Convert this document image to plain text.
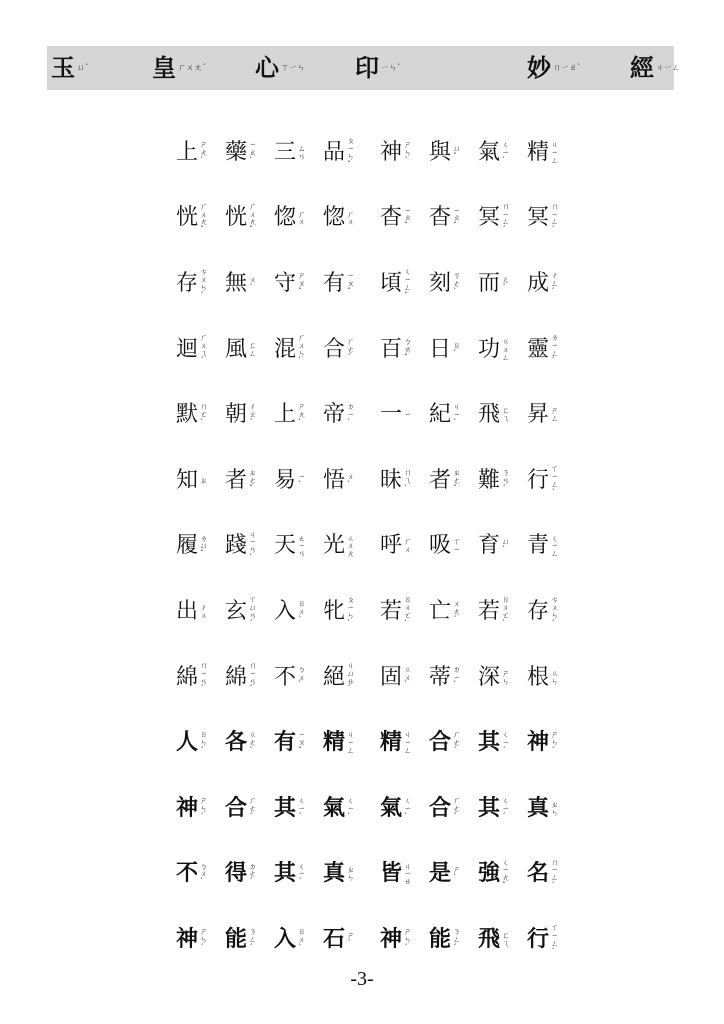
玉 ㄩˋ	皇 ㄏㄨㄤˊ 心 ㄒㄧㄣ 印 ㄧㄣˋ	妙 ㄇㄧㄠˋ 經 ㄐㄧㄥ
上 ㄕㄤˋ 藥 ㄧㄠˋ 三 ㄙㄢ 品 ㄆㄧㄣˇ 神 ㄕㄣˊ 與 ㄩˇ 氣 ㄑㄧˋ 精 ㄐㄧㄥ
恍 ㄏㄨㄤˇ 恍 ㄏㄨㄤˇ 惚 ㄏㄨ 惚 ㄏㄨ 杳 ㄧㄠˇ 杳 ㄧㄠˇ 冥 ㄇㄧㄥˊ 冥 ㄇㄧㄥˊ
存 ㄘㄨㄣˊ 無 ㄨˊ 守 ㄕㄡˇ 有 ㄧㄡˇ 頃 ㄑㄧㄥˇ 刻 ㄎㄜˋ 而 ㄦˊ 成 ㄔㄥˊ
迴 ㄏㄨㄟˊ 風 ㄈㄥ 混 ㄏㄨㄣˋ 合 ㄏㄜˊ 百 ㄅㄞˇ 日 ㄖˋ 功 ㄍㄨㄥ 靈 ㄌㄧㄥˊ
默 ㄇㄛˋ 朝 ㄔㄠˊ 上 ㄕㄤˋ 帝 ㄉㄧˋ 一 ㄧ 紀 ㄐㄧˋ 飛 ㄈㄟ 昇 ㄕㄥ
知 ㄓ 者 ㄓㄜˇ 易 ㄧˋ 悟 ㄨˋ 昧 ㄇㄟˋ 者 ㄓㄜˇ 難 ㄋㄢˊ 行 ㄒㄧㄥˊ
履 ㄌㄩˇ 踐 ㄐㄧㄢˋ 天 ㄊㄧㄢ 光 ㄍㄨㄤ 呼 ㄏㄨ 吸 ㄒㄧ 育 ㄩˋ 青 ㄑㄧㄥ
出 ㄔㄨ 玄 ㄒㄩㄢˊ 入 ㄖㄨˋ 牝 ㄆㄧㄣˋ 若 ㄖㄨㄛˋ 亡 ㄨㄤˊ 若 ㄖㄨㄛˋ 存 ㄘㄨㄣˊ
綿 ㄇㄧㄢˊ 綿 ㄇㄧㄢˊ 不 ㄅㄨˋ 絕 ㄐㄩㄝˊ 固 ㄍㄨˋ 蒂 ㄉㄧˋ 深 ㄕㄣ 根 ㄍㄣ
人 ㄖㄣˊ 各 ㄍㄜˋ 有 ㄧㄡˇ 精 ㄐㄧㄥ 精 ㄐㄧㄥ 合 ㄏㄜˊ 其 ㄑㄧˊ 神 ㄕㄣˊ
神 ㄕㄣˊ 合 ㄏㄜˊ 其 ㄑㄧˊ 氣 ㄑㄧˋ 氣 ㄑㄧˋ 合 ㄏㄜˊ 其 ㄑㄧˊ 真 ㄓㄣ
不 ㄅㄨˋ 得 ㄉㄜˊ 其 ㄑㄧˊ 真 ㄓㄣ 皆 ㄐㄧㄝ 是 ㄕˋ 強 ㄑㄧㄤˇ 名 ㄇㄧㄥˊ
神 ㄕㄣˊ 能 ㄋㄥˊ 入 ㄖㄨˋ 石 ㄕˊ 神 ㄕㄣˊ 能 ㄋㄥˊ 飛 ㄈㄟ 行 ㄒㄧㄥˊ
-3-
